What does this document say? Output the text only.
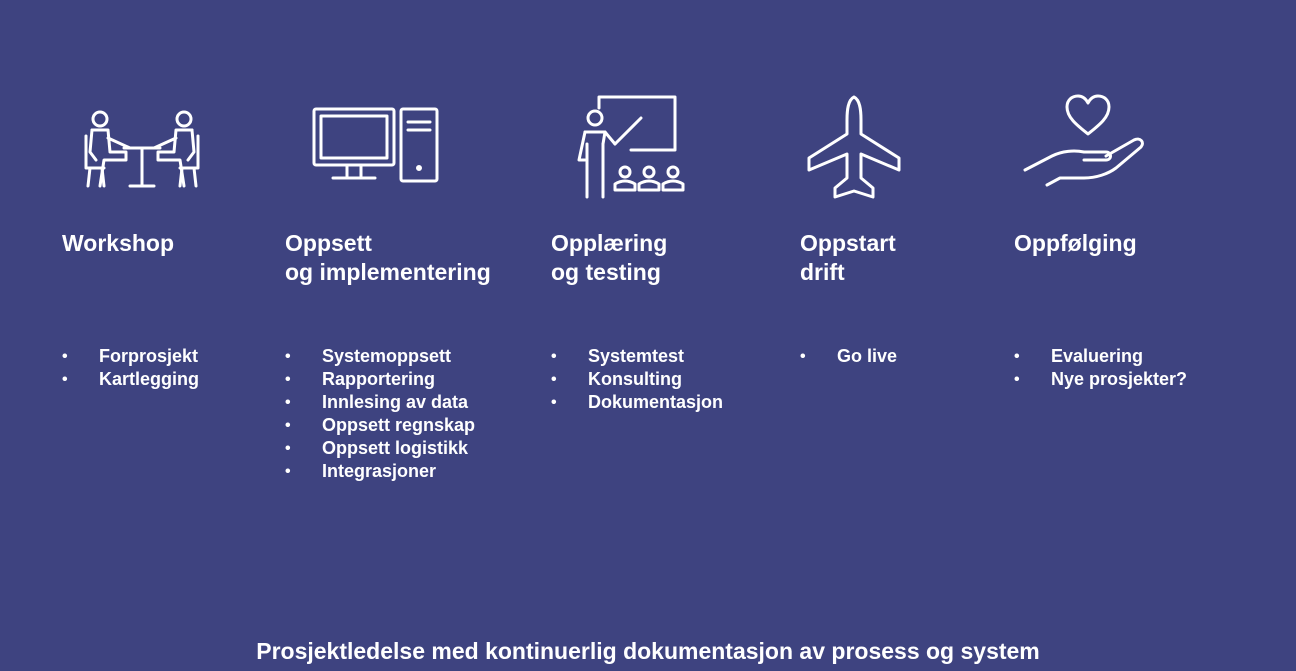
Workshop
• Forprosjekt
• Kartlegging
Oppsett
og implementering
• Systemoppsett
• Rapportering
• Innlesing av data
• Oppsett regnskap
• Oppsett logistikk
• Integrasjoner
Opplæring
og testing
• Systemtest
• Konsulting
• Dokumentasjon
Oppstart
drift
• Go live
Oppfølging
• Evaluering
• Nye prosjekter?
Prosjektledelse med kontinuerlig dokumentasjon av prosess og system
